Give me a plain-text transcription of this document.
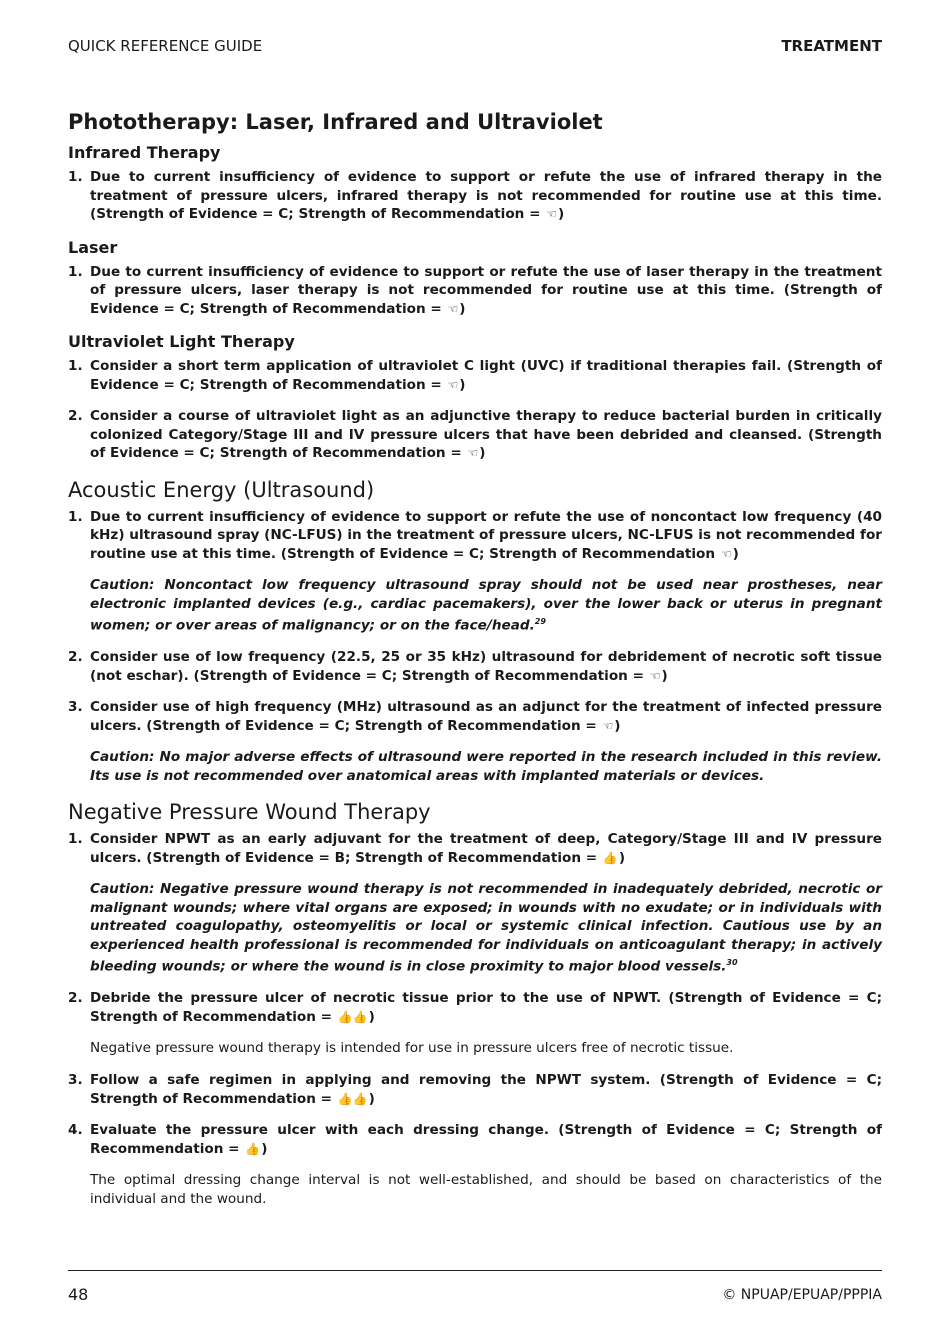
QUICK REFERENCE GUIDE	TREATMENT
Phototherapy: Laser, Infrared and Ultraviolet
Infrared Therapy
1. Due to current insufficiency of evidence to support or refute the use of infrared therapy in the treatment of pressure ulcers, infrared therapy is not recommended for routine use at this time. (Strength of Evidence = C; Strength of Recommendation = ☜)
Laser
1. Due to current insufficiency of evidence to support or refute the use of laser therapy in the treatment of pressure ulcers, laser therapy is not recommended for routine use at this time. (Strength of Evidence = C; Strength of Recommendation = ☜)
Ultraviolet Light Therapy
1. Consider a short term application of ultraviolet C light (UVC) if traditional therapies fail. (Strength of Evidence = C; Strength of Recommendation = ☜)
2. Consider a course of ultraviolet light as an adjunctive therapy to reduce bacterial burden in critically colonized Category/Stage III and IV pressure ulcers that have been debrided and cleansed. (Strength of Evidence = C; Strength of Recommendation = ☜)
Acoustic Energy (Ultrasound)
1. Due to current insufficiency of evidence to support or refute the use of noncontact low frequency (40 kHz) ultrasound spray (NC-LFUS) in the treatment of pressure ulcers, NC-LFUS is not recommended for routine use at this time. (Strength of Evidence = C; Strength of Recommendation ☜)

Caution: Noncontact low frequency ultrasound spray should not be used near prostheses, near electronic implanted devices (e.g., cardiac pacemakers), over the lower back or uterus in pregnant women; or over areas of malignancy; or on the face/head.$^{29}$

2. Consider use of low frequency (22.5, 25 or 35 kHz) ultrasound for debridement of necrotic soft tissue (not eschar). (Strength of Evidence = C; Strength of Recommendation = ☜)
3. Consider use of high frequency (MHz) ultrasound as an adjunct for the treatment of infected pressure ulcers. (Strength of Evidence = C; Strength of Recommendation = ☜)

Caution: No major adverse effects of ultrasound were reported in the research included in this review. Its use is not recommended over anatomical areas with implanted materials or devices.

Negative Pressure Wound Therapy
1. Consider NPWT as an early adjuvant for the treatment of deep, Category/Stage III and IV pressure ulcers. (Strength of Evidence = B; Strength of Recommendation = 👍)

Caution: Negative pressure wound therapy is not recommended in inadequately debrided, necrotic or malignant wounds; where vital organs are exposed; in wounds with no exudate; or in individuals with untreated coagulopathy, osteomyelitis or local or systemic clinical infection. Cautious use by an experienced health professional is recommended for individuals on anticoagulant therapy; in actively bleeding wounds; or where the wound is in close proximity to major blood vessels.$^{30}$

2. Debride the pressure ulcer of necrotic tissue prior to the use of NPWT. (Strength of Evidence = C; Strength of Recommendation = 👍👍)

Negative pressure wound therapy is intended for use in pressure ulcers free of necrotic tissue.

3. Follow a safe regimen in applying and removing the NPWT system. (Strength of Evidence = C; Strength of Recommendation = 👍👍)
4. Evaluate the pressure ulcer with each dressing change. (Strength of Evidence = C; Strength of Recommendation = 👍)

The optimal dressing change interval is not well-established, and should be based on characteristics of the individual and the wound.

48	© NPUAP/EPUAP/PPPIA
